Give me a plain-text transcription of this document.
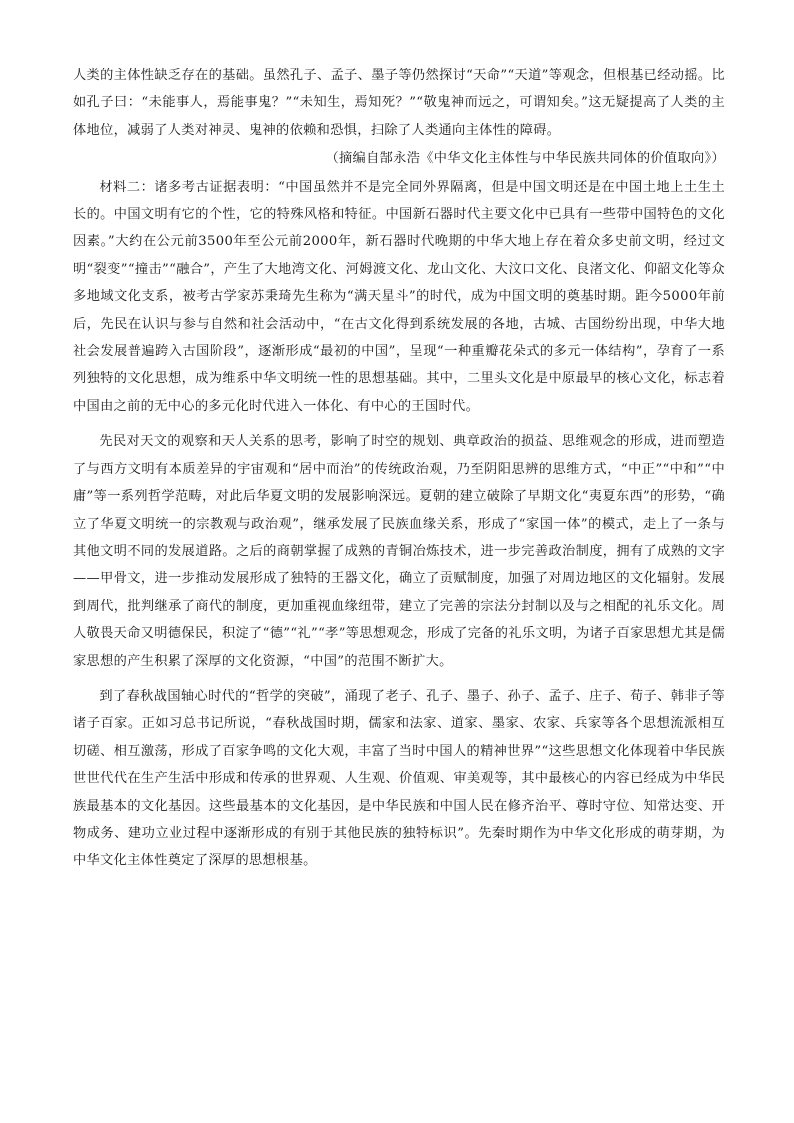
人类的主体性缺乏存在的基础。虽然孔子、孟子、墨子等仍然探讨“天命”“天道”等观念，但根基已经动摇。比如孔子曰：“未能事人，焉能事鬼？”“未知生，焉知死？”“敬鬼神而远之，可谓知矣。”这无疑提高了人类的主体地位，减弱了人类对神灵、鬼神的依赖和恐惧，扫除了人类通向主体性的障碍。

（摘编自郜永浩《中华文化主体性与中华民族共同体的价值取向》）

材料二：诸多考古证据表明：“中国虽然并不是完全同外界隔离，但是中国文明还是在中国土地上土生土长的。中国文明有它的个性，它的特殊风格和特征。中国新石器时代主要文化中已具有一些带中国特色的文化因素。”大约在公元前3500年至公元前2000年，新石器时代晚期的中华大地上存在着众多史前文明，经过文明“裂变”“撞击”“融合”，产生了大地湾文化、河姆渡文化、龙山文化、大汶口文化、良渚文化、仰韶文化等众多地域文化支系，被考古学家苏秉琦先生称为“满天星斗”的时代，成为中国文明的奠基时期。距今5000年前后，先民在认识与参与自然和社会活动中，“在古文化得到系统发展的各地，古城、古国纷纷出现，中华大地社会发展普遍跨入古国阶段”，逐渐形成“最初的中国”，呈现“一种重瓣花朵式的多元一体结构”，孕育了一系列独特的文化思想，成为维系中华文明统一性的思想基础。其中，二里头文化是中原最早的核心文化，标志着中国由之前的无中心的多元化时代进入一体化、有中心的王国时代。

先民对天文的观察和天人关系的思考，影响了时空的规划、典章政治的损益、思维观念的形成，进而塑造了与西方文明有本质差异的宇宙观和“居中而治”的传统政治观，乃至阴阳思辨的思维方式，“中正”“中和”“中庸”等一系列哲学范畴，对此后华夏文明的发展影响深远。夏朝的建立破除了早期文化“夷夏东西”的形势，“确立了华夏文明统一的宗教观与政治观”，继承发展了民族血缘关系，形成了“家国一体”的模式，走上了一条与其他文明不同的发展道路。之后的商朝掌握了成熟的青铜冶炼技术，进一步完善政治制度，拥有了成熟的文字——甲骨文，进一步推动发展形成了独特的王器文化，确立了贡赋制度，加强了对周边地区的文化辐射。发展到周代，批判继承了商代的制度，更加重视血缘纽带，建立了完善的宗法分封制以及与之相配的礼乐文化。周人敬畏天命又明德保民，积淀了“德”“礼”“孝”等思想观念，形成了完备的礼乐文明，为诸子百家思想尤其是儒家思想的产生积累了深厚的文化资源，“中国”的范围不断扩大。

到了春秋战国轴心时代的“哲学的突破”，涌现了老子、孔子、墨子、孙子、孟子、庄子、荀子、韩非子等诸子百家。正如习总书记所说，“春秋战国时期，儒家和法家、道家、墨家、农家、兵家等各个思想流派相互切磋、相互激荡，形成了百家争鸣的文化大观，丰富了当时中国人的精神世界”“这些思想文化体现着中华民族世世代代在生产生活中形成和传承的世界观、人生观、价值观、审美观等，其中最核心的内容已经成为中华民族最基本的文化基因。这些最基本的文化基因，是中华民族和中国人民在修齐治平、尊时守位、知常达变、开物成务、建功立业过程中逐渐形成的有别于其他民族的独特标识”。先秦时期作为中华文化形成的萌芽期，为中华文化主体性奠定了深厚的思想根基。
